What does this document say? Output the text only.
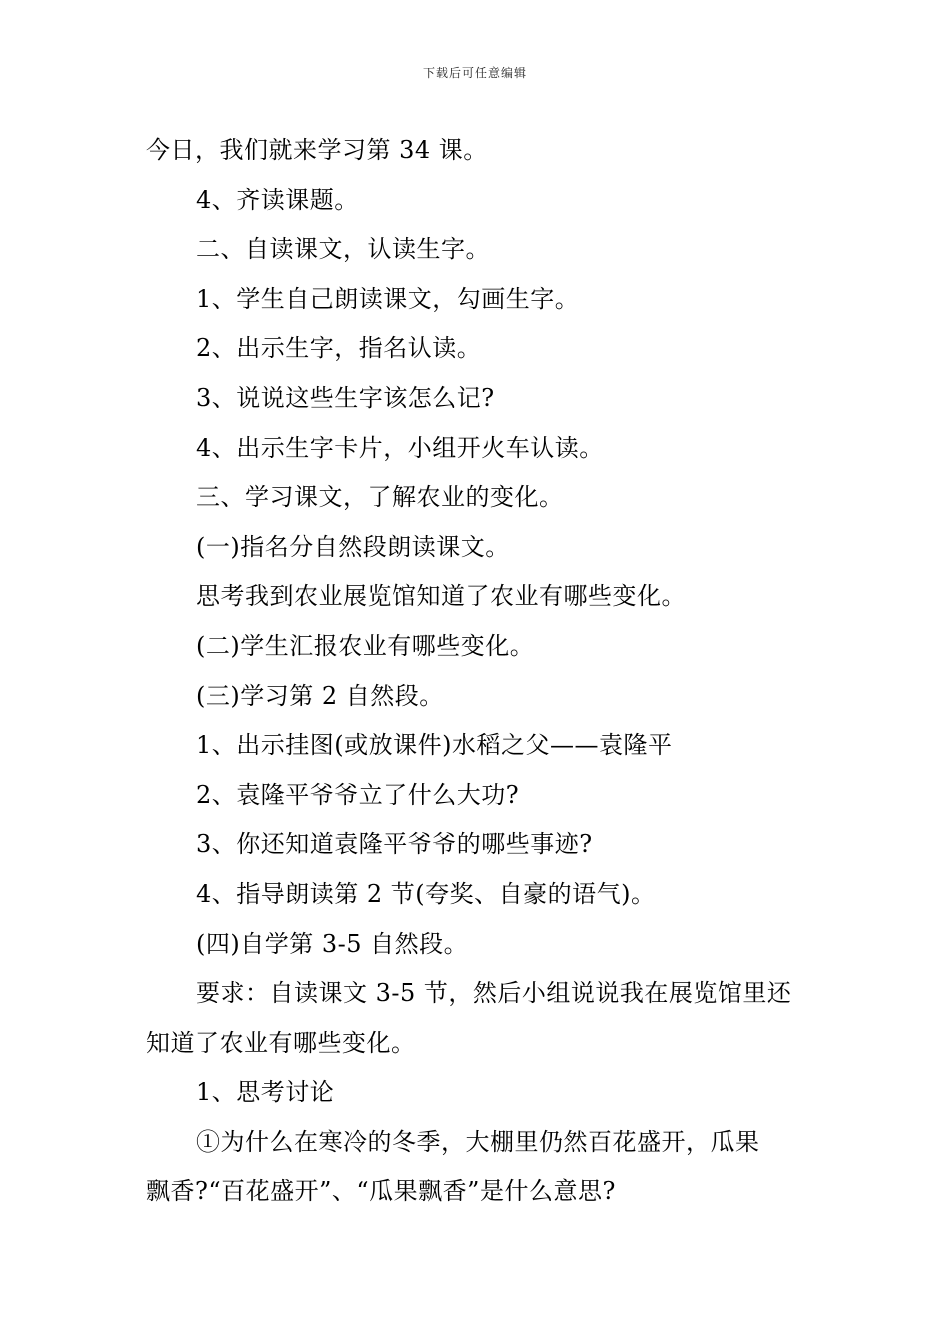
下载后可任意编辑
今日，我们就来学习第 34 课。
4、齐读课题。
二、自读课文，认读生字。
1、学生自己朗读课文，勾画生字。
2、出示生字，指名认读。
3、说说这些生字该怎么记?
4、出示生字卡片，小组开火车认读。
三、学习课文，了解农业的变化。
(一)指名分自然段朗读课文。
思考我到农业展览馆知道了农业有哪些变化。
(二)学生汇报农业有哪些变化。
(三)学习第 2 自然段。
1、出示挂图(或放课件)水稻之父——袁隆平
2、袁隆平爷爷立了什么大功?
3、你还知道袁隆平爷爷的哪些事迹?
4、指导朗读第 2 节(夸奖、自豪的语气)。
(四)自学第 3-5 自然段。
要求：自读课文 3-5 节，然后小组说说我在展览馆里还
知道了农业有哪些变化。
1、思考讨论
①为什么在寒冷的冬季，大棚里仍然百花盛开，瓜果
飘香?“百花盛开”、“瓜果飘香”是什么意思?
